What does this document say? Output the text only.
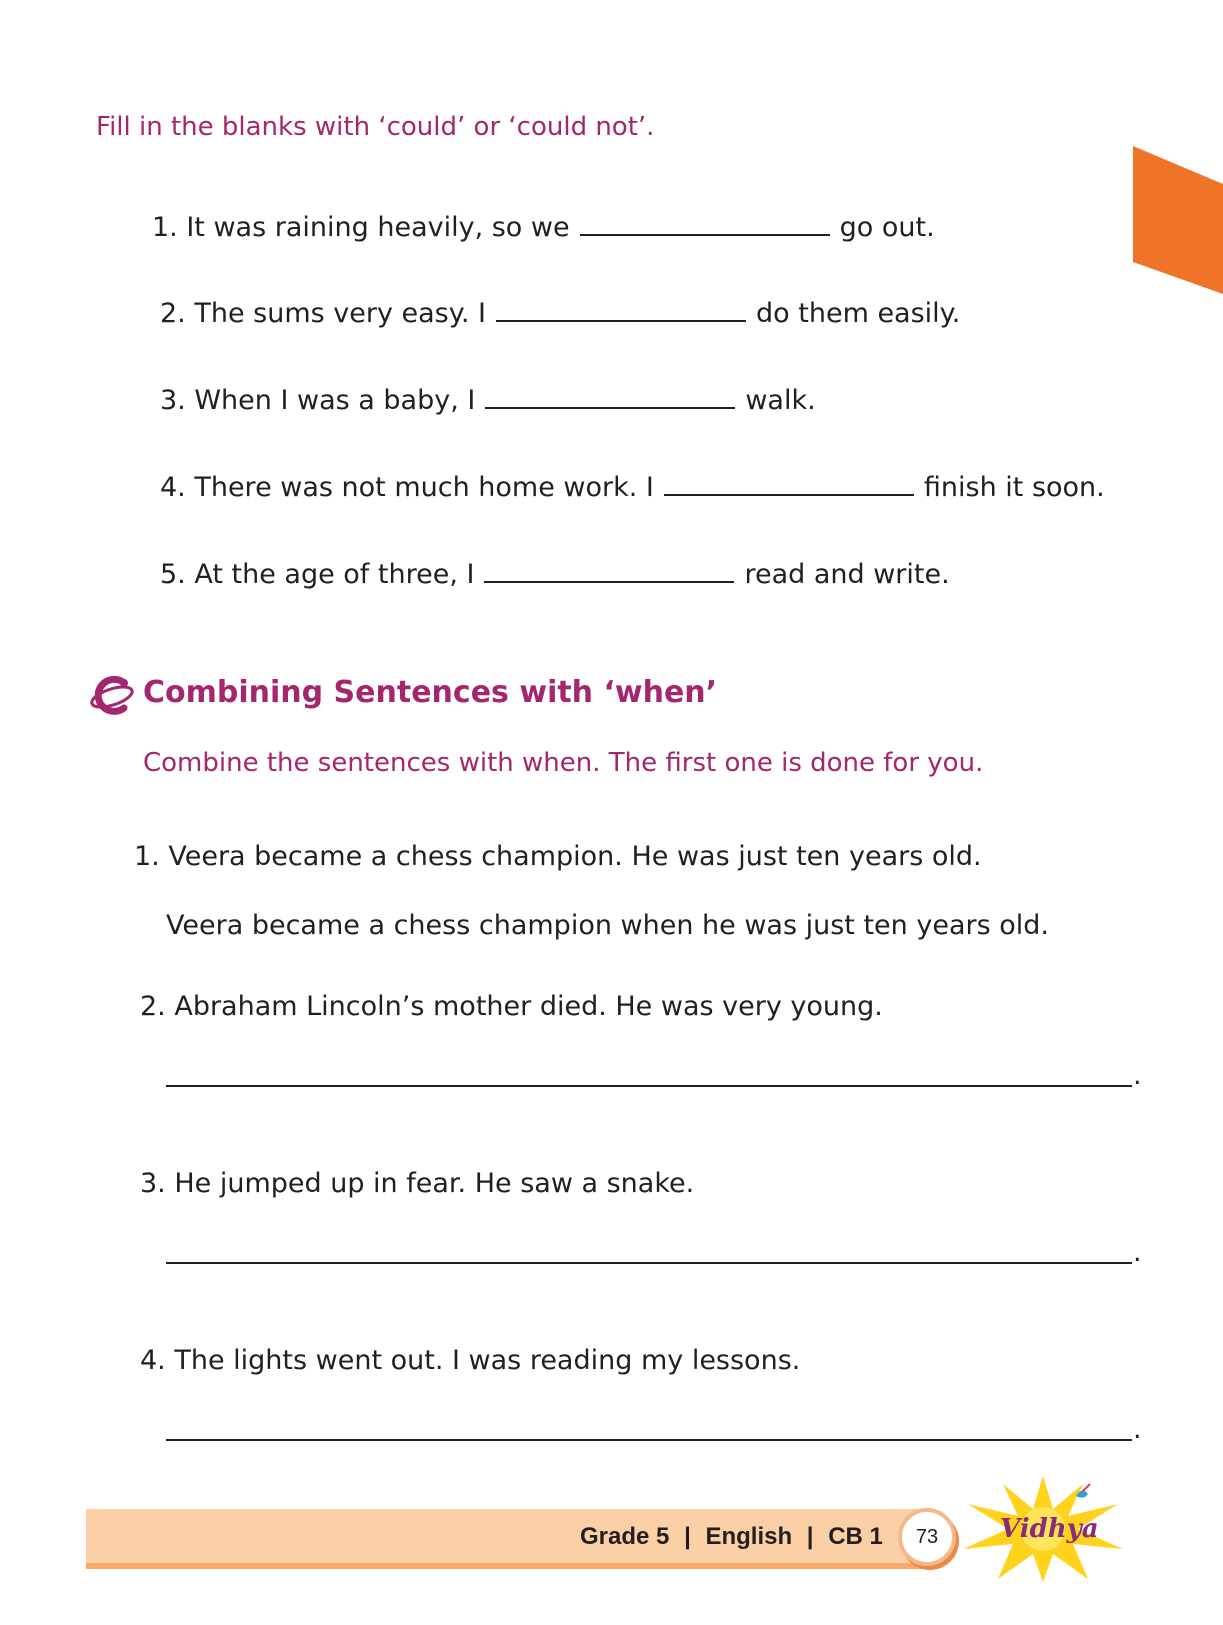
Fill in the blanks with ‘could’ or ‘could not’.
1. It was raining heavily, so we	go out.
2. The sums very easy. I	do them easily.
3. When I was a baby, I	walk.
4. There was not much home work. I	finish it soon.
5. At the age of three, I	read and write.
Combining Sentences with ‘when’
Combine the sentences with when. The first one is done for you.
1. Veera became a chess champion. He was just ten years old.
Veera became a chess champion when he was just ten years old.
2. Abraham Lincoln’s mother died. He was very young.
.
3. He jumped up in fear. He saw a snake.
.
4. The lights went out. I was reading my lessons.
.
Grade 5 | English | CB 1 73 Vidhya
